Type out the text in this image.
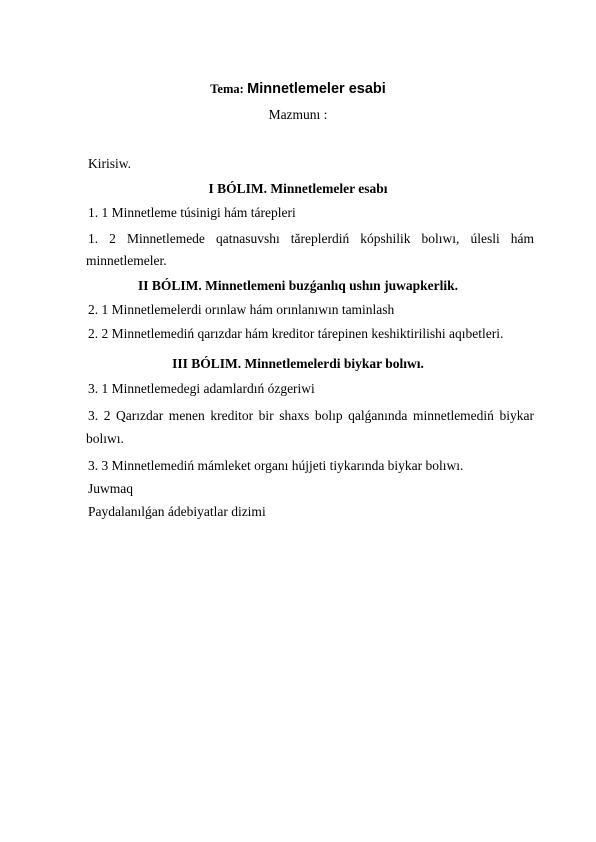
Tema: Minnetlemeler esabi
Mazmunı :
Kirisiw.
I BÓLIM. Minnetlemeler esabı
1. 1 Minnetleme túsinigi hám tárepleri
1. 2 Minnetlemede qatnasuvshı tăreplerdiń kópshilik bolıwı, úlesli hám
minnetlemeler.
II BÓLIM. Minnetlemeni buzǵanlıq ushın juwapkerlik.
2. 1 Minnetlemelerdi orınlaw hám orınlanıwın taminlash
2. 2 Minnetlemediń qarızdar hám kreditor tárepinen keshiktirilishi aqıbetleri.
III BÓLIM. Minnetlemelerdi biykar bolıwı.
3. 1 Minnetlemedegi adamlardıń ózgeriwi
3. 2 Qarızdar menen kreditor bir shaxs bolıp qalǵanında minnetlemediń biykar
bolıwı.
3. 3 Minnetlemediń mámleket organı hújjeti tiykarında biykar bolıwı.
Juwmaq
Paydalanılǵan ádebiyatlar dizimi
